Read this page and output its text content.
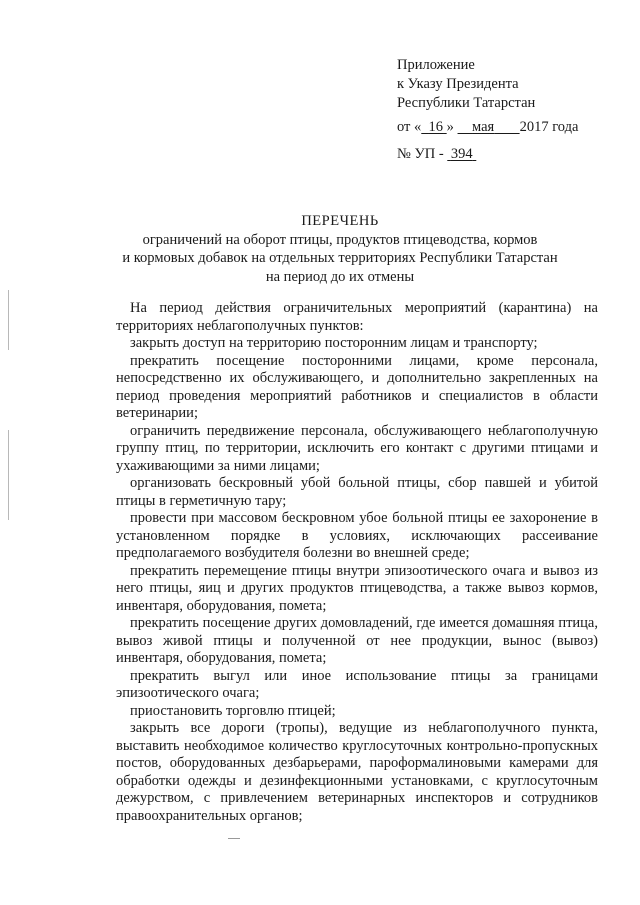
Приложение
к Указу Президента
Республики Татарстан
от « 16 » мая 2017 года
№ УП - 394
ПЕРЕЧЕНЬ
ограничений на оборот птицы, продуктов птицеводства, кормов
и кормовых добавок на отдельных территориях Республики Татарстан
на период до их отмены

На период действия ограничительных мероприятий (карантина) на территориях неблагополучных пунктов:

закрыть доступ на территорию посторонним лицам и транспорту;

прекратить посещение посторонними лицами, кроме персонала, непосредственно их обслуживающего, и дополнительно закрепленных на период проведения мероприятий работников и специалистов в области ветеринарии;

ограничить передвижение персонала, обслуживающего неблагополучную группу птиц, по территории, исключить его контакт с другими птицами и ухаживающими за ними лицами;

организовать бескровный убой больной птицы, сбор павшей и убитой птицы в герметичную тару;

провести при массовом бескровном убое больной птицы ее захоронение в установленном порядке в условиях, исключающих рассеивание предполагаемого возбудителя болезни во внешней среде;

прекратить перемещение птицы внутри эпизоотического очага и вывоз из него птицы, яиц и других продуктов птицеводства, а также вывоз кормов, инвентаря, оборудования, помета;

прекратить посещение других домовладений, где имеется домашняя птица, вывоз живой птицы и полученной от нее продукции, вынос (вывоз) инвентаря, оборудования, помета;

прекратить выгул или иное использование птицы за границами эпизоотического очага;

приостановить торговлю птицей;

закрыть все дороги (тропы), ведущие из неблагополучного пункта, выставить необходимое количество круглосуточных контрольно-пропускных постов, оборудованных дезбарьерами, пароформалиновыми камерами для обработки одежды и дезинфекционными установками, с круглосуточным дежурством, с привлечением ветеринарных инспекторов и сотрудников правоохранительных органов;
